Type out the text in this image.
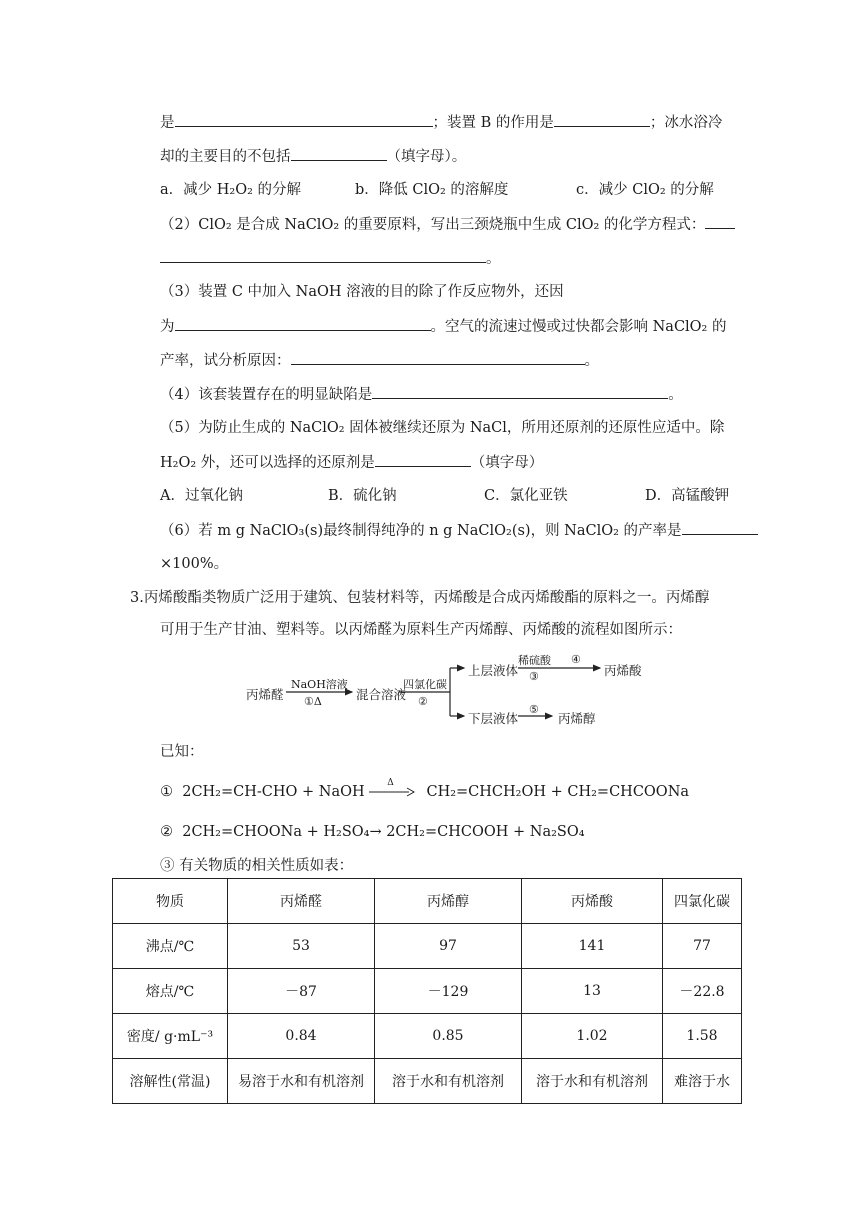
是	；装置 B 的作用是	；冰水浴冷
却的主要目的不包括	（填字母）。
a．减少 H₂O₂ 的分解	b．降低 ClO₂ 的溶解度	c．减少 ClO₂ 的分解
（2）ClO₂ 是合成 NaClO₂ 的重要原料，写出三颈烧瓶中生成 ClO₂ 的化学方程式：
。
（3）装置 C 中加入 NaOH 溶液的目的除了作反应物外，还因
为	。空气的流速过慢或过快都会影响 NaClO₂ 的
产率，试分析原因：	。
（4）该套装置存在的明显缺陷是	。
（5）为防止生成的 NaClO₂ 固体被继续还原为 NaCl，所用还原剂的还原性应适中。除
H₂O₂ 外，还可以选择的还原剂是	（填字母）
A．过氧化钠	B．硫化钠	C．氯化亚铁	D．高锰酸钾
（6）若 m g NaClO₃(s)最终制得纯净的 n g NaClO₂(s)，则 NaClO₂ 的产率是
×100%。
3.丙烯酸酯类物质广泛用于建筑、包装材料等，丙烯酸是合成丙烯酸酯的原料之一。丙烯醇
可用于生产甘油、塑料等。以丙烯醛为原料生产丙烯醇、丙烯酸的流程如图所示：
丙烯醛
NaOH溶液
①Δ	混合溶液
四氯化碳
②
上层液体
稀硫酸
③
④
丙烯酸
下层液体
⑤
丙烯醇
已知：
① 2CH₂=CH-CHO + NaOH
Δ
CH₂=CHCH₂OH + CH₂=CHCOONa
② 2CH₂=CHOONa + H₂SO₄→ 2CH₂=CHCOOH + Na₂SO₄
③ 有关物质的相关性质如表：
物质	丙烯醛	丙烯醇	丙烯酸	四氯化碳
沸点/℃	53	97	141	77
熔点/℃	－87	－129	13	－22.8
密度/ g·mL⁻³	0.84	0.85	1.02	1.58
溶解性(常温)	易溶于水和有机溶剂	溶于水和有机溶剂	溶于水和有机溶剂	难溶于水
